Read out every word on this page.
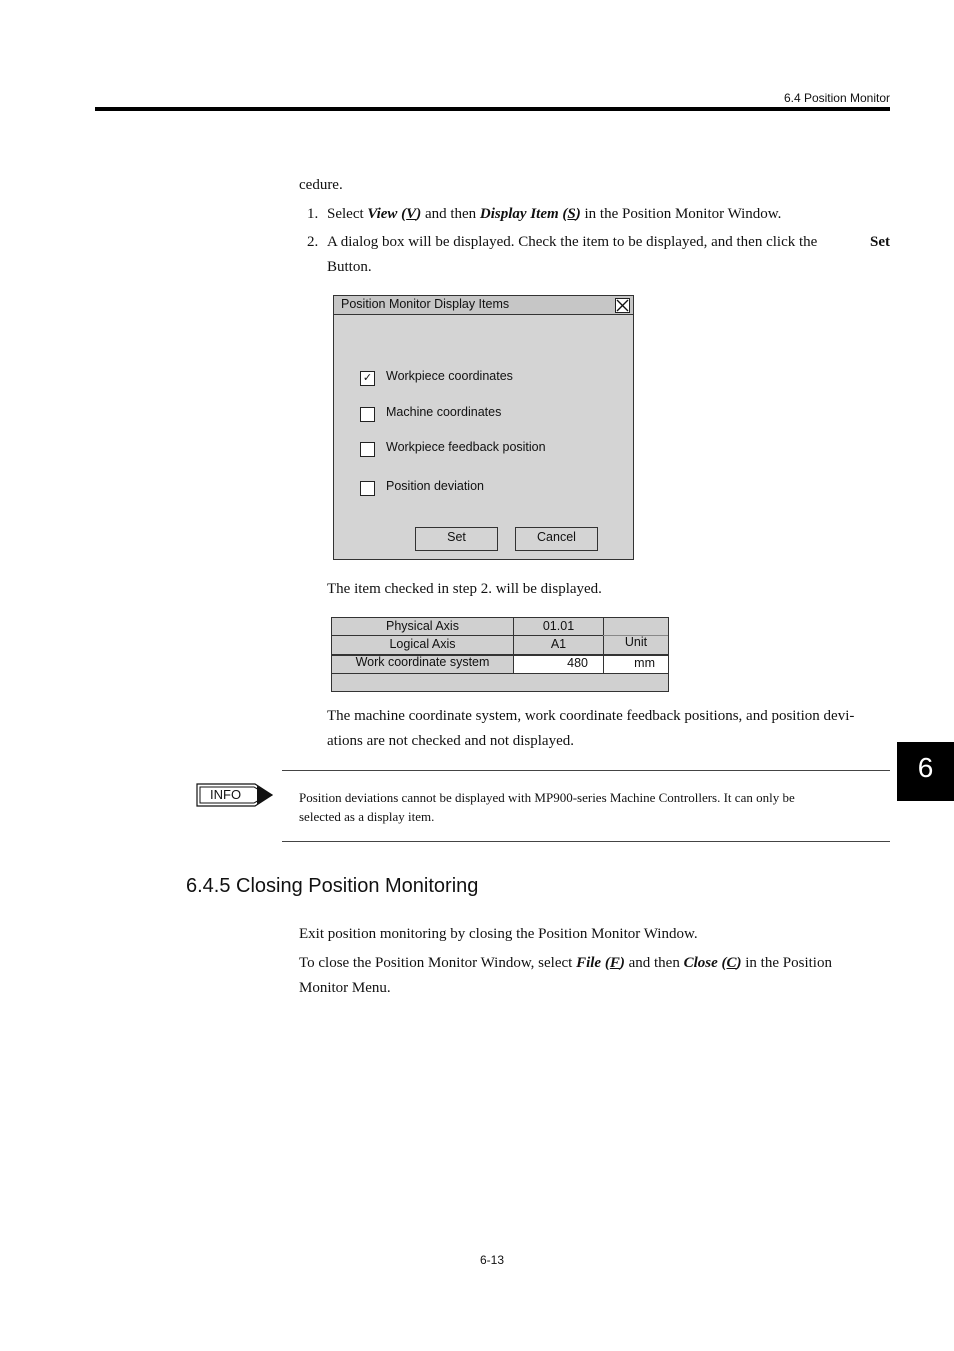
6.4 Position Monitor
cedure.
1. Select View (V) and then Display Item (S) in the Position Monitor Window.
2. A dialog box will be displayed. Check the item to be displayed, and then click the	Set
Button.
Position Monitor Display Items
✓ Workpiece coordinates
Machine coordinates
Workpiece feedback position
Position deviation
Set	Cancel
The item checked in step 2. will be displayed.
Physical Axis	01.01
Logical Axis	A1	Unit
Work coordinate system	480	mm
The machine coordinate system, work coordinate feedback positions, and position devi-
ations are not checked and not displayed.
INFO	Position deviations cannot be displayed with MP900-series Machine Controllers. It can only be
selected as a display item.
6.4.5 Closing Position Monitoring
Exit position monitoring by closing the Position Monitor Window.
To close the Position Monitor Window, select File (F) and then Close (C) in the Position
Monitor Menu.
6
6-13
